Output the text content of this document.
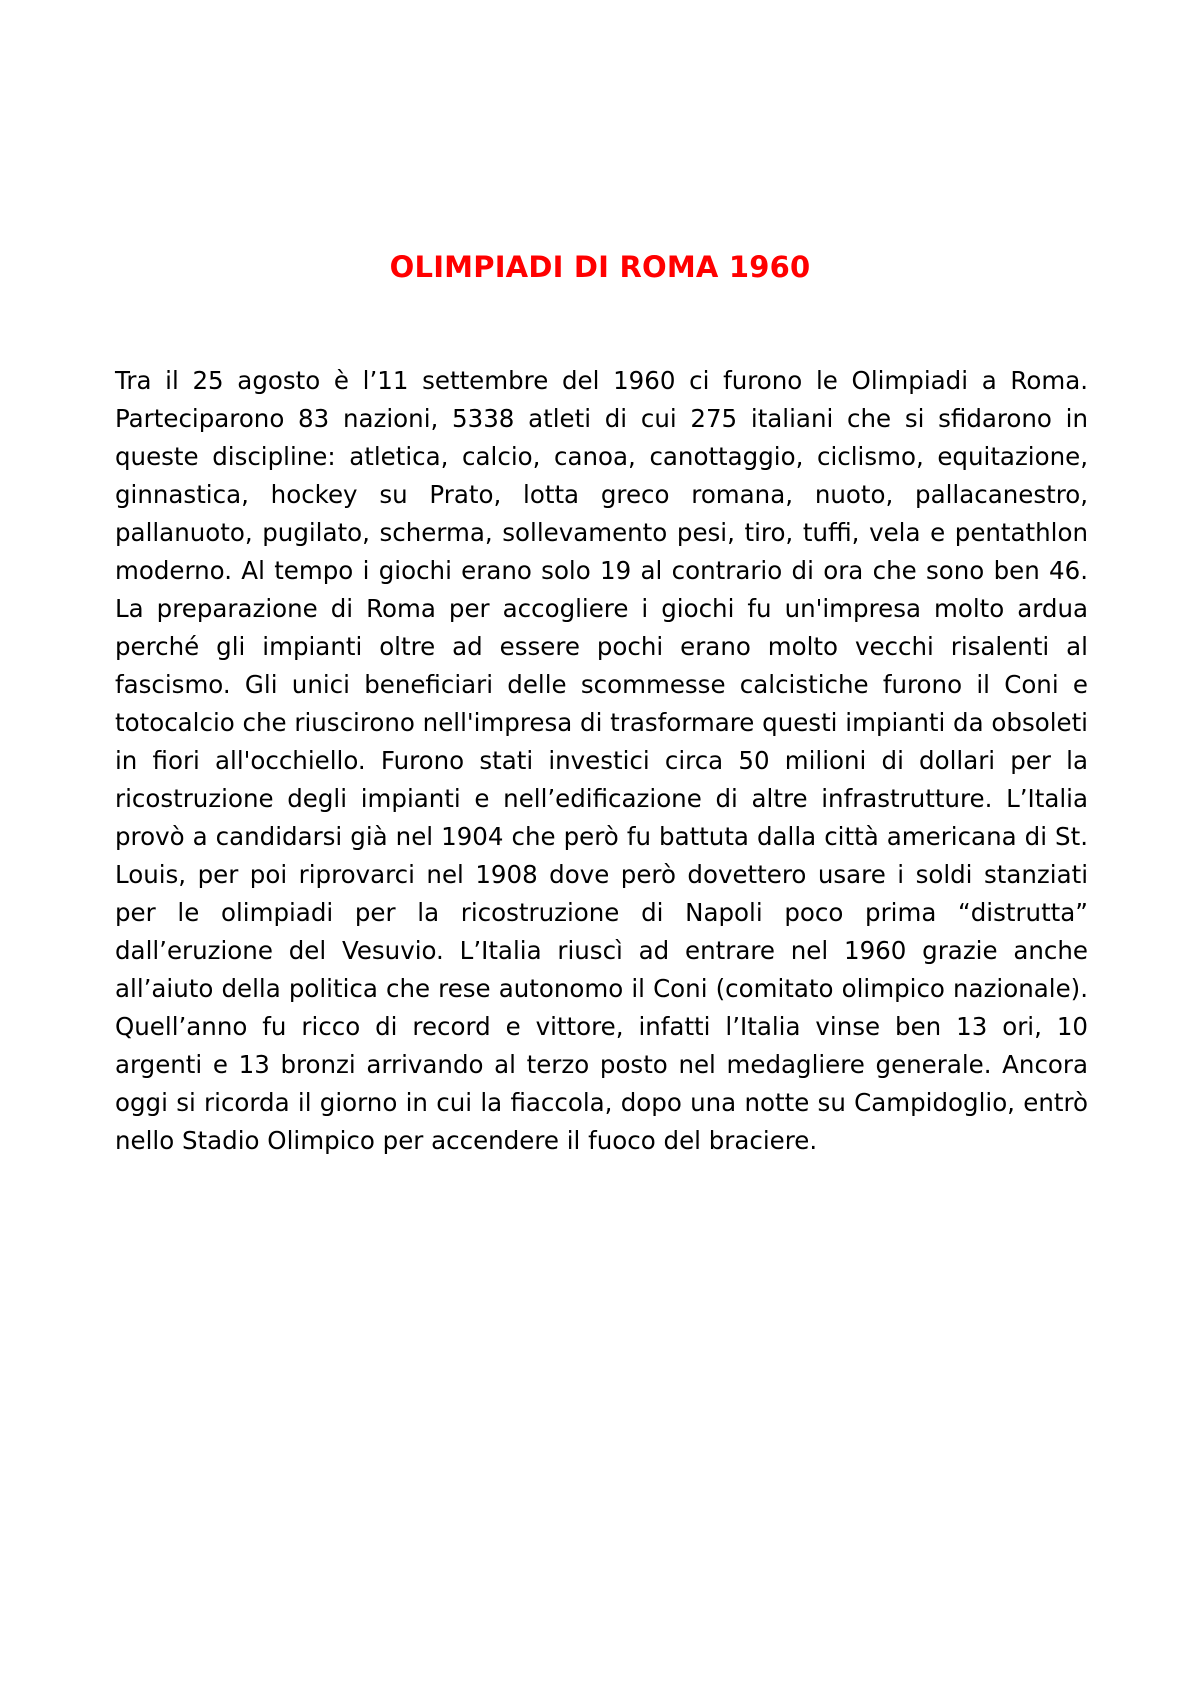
OLIMPIADI DI ROMA 1960

Tra il 25 agosto è l’11 settembre del 1960 ci furono le Olimpiadi a Roma. Parteciparono 83 nazioni, 5338 atleti di cui 275 italiani che si sfidarono in queste discipline: atletica, calcio, canoa, canottaggio, ciclismo, equitazione, ginnastica, hockey su Prato, lotta greco romana, nuoto, pallacanestro, pallanuoto, pugilato, scherma, sollevamento pesi, tiro, tuffi, vela e pentathlon moderno. Al tempo i giochi erano solo 19 al contrario di ora che sono ben 46. La preparazione di Roma per accogliere i giochi fu un'impresa molto ardua perché gli impianti oltre ad essere pochi erano molto vecchi risalenti al fascismo. Gli unici beneficiari delle scommesse calcistiche furono il Coni e totocalcio che riuscirono nell'impresa di trasformare questi impianti da obsoleti in fiori all'occhiello. Furono stati investici circa 50 milioni di dollari per la ricostruzione degli impianti e nell’edificazione di altre infrastrutture. L’Italia provò a candidarsi già nel 1904 che però fu battuta dalla città americana di St. Louis, per poi riprovarci nel 1908 dove però dovettero usare i soldi stanziati per le olimpiadi per la ricostruzione di Napoli poco prima “distrutta” dall’eruzione del Vesuvio. L’Italia riuscì ad entrare nel 1960 grazie anche all’aiuto della politica che rese autonomo il Coni (comitato olimpico nazionale). Quell’anno fu ricco di record e vittore, infatti l’Italia vinse ben 13 ori, 10 argenti e 13 bronzi arrivando al terzo posto nel medagliere generale. Ancora oggi si ricorda il giorno in cui la fiaccola, dopo una notte su Campidoglio, entrò nello Stadio Olimpico per accendere il fuoco del braciere.
